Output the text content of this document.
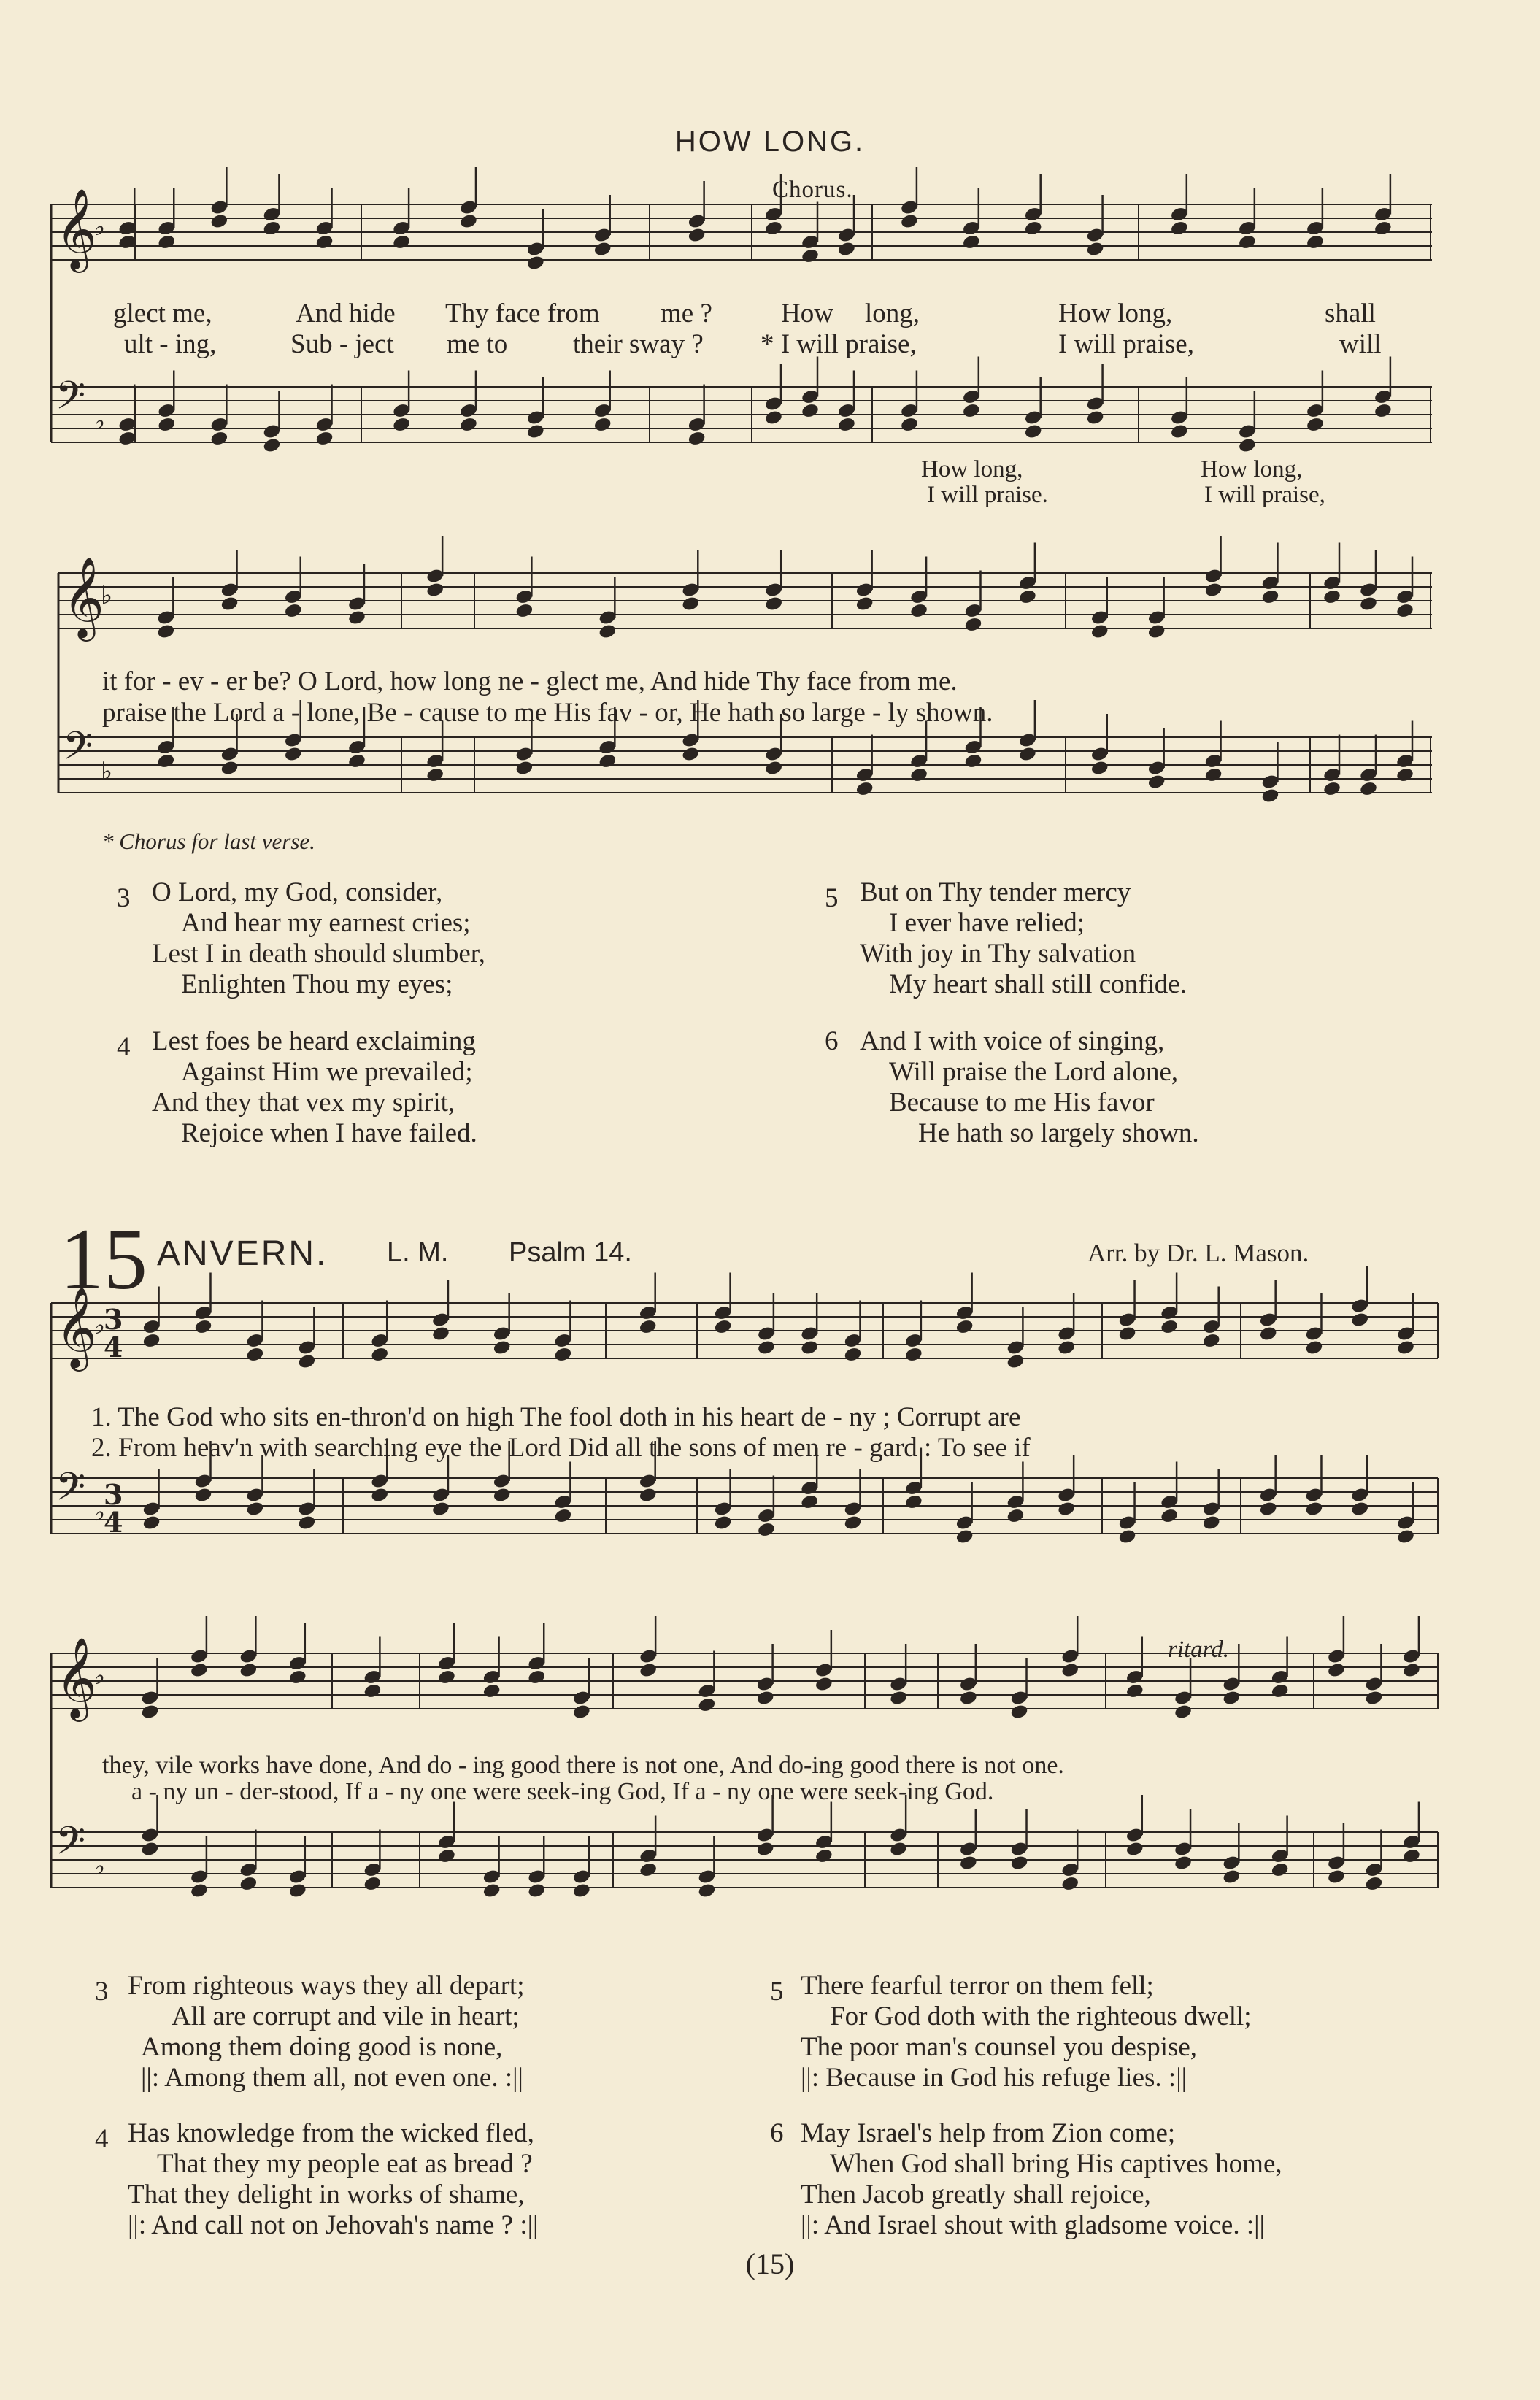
HOW LONG.
𝄞
♭
𝄢 ♭
𝄞
♭
𝄢 ♭
𝄞
♭
𝄢 ♭
𝄞
♭
𝄢 ♭
3
4
3
4
Chorus.
glect me,	And hide Thy face from me ?	How long,	How long,	shall
ult - ing,	Sub - ject me to their sway ? * I will praise,	I will praise,	will
How long,	How long,
I will praise.	I will praise,
it for - ev - er be? O Lord, how long ne - glect me, And hide Thy face from me.
praise the Lord a - lone, Be - cause to me His fav - or, He hath so large - ly shown.
* Chorus for last verse.
3 O Lord, my God, consider,
And hear my earnest cries;
Lest I in death should slumber,
Enlighten Thou my eyes;
4 Lest foes be heard exclaiming
Against Him we prevailed;
And they that vex my spirit,
Rejoice when I have failed.
5 But on Thy tender mercy
I ever have relied;
With joy in Thy salvation
My heart shall still confide.
6 And I with voice of singing,
Will praise the Lord alone,
Because to me His favor
He hath so largely shown.
15 ANVERN. L. M. Psalm 14.	Arr. by Dr. L. Mason.
1. The God who sits en-thron'd on high The fool doth in his heart de - ny ; Corrupt are
2. From heav'n with searching eye the Lord Did all the sons of men re - gard : To see if
ritard.
they, vile works have done, And do - ing good there is not one, And do-ing good there is not one.
a - ny un - der-stood, If a - ny one were seek-ing God, If a - ny one were seek-ing God.
3 From righteous ways they all depart;
All are corrupt and vile in heart;
Among them doing good is none,
||: Among them all, not even one. :||
4 Has knowledge from the wicked fled,
That they my people eat as bread ?
That they delight in works of shame,
||: And call not on Jehovah's name ? :||
5 There fearful terror on them fell;
For God doth with the righteous dwell;
The poor man's counsel you despise,
||: Because in God his refuge lies. :||
6 May Israel's help from Zion come;
When God shall bring His captives home,
Then Jacob greatly shall rejoice,
||: And Israel shout with gladsome voice. :||
(15)
